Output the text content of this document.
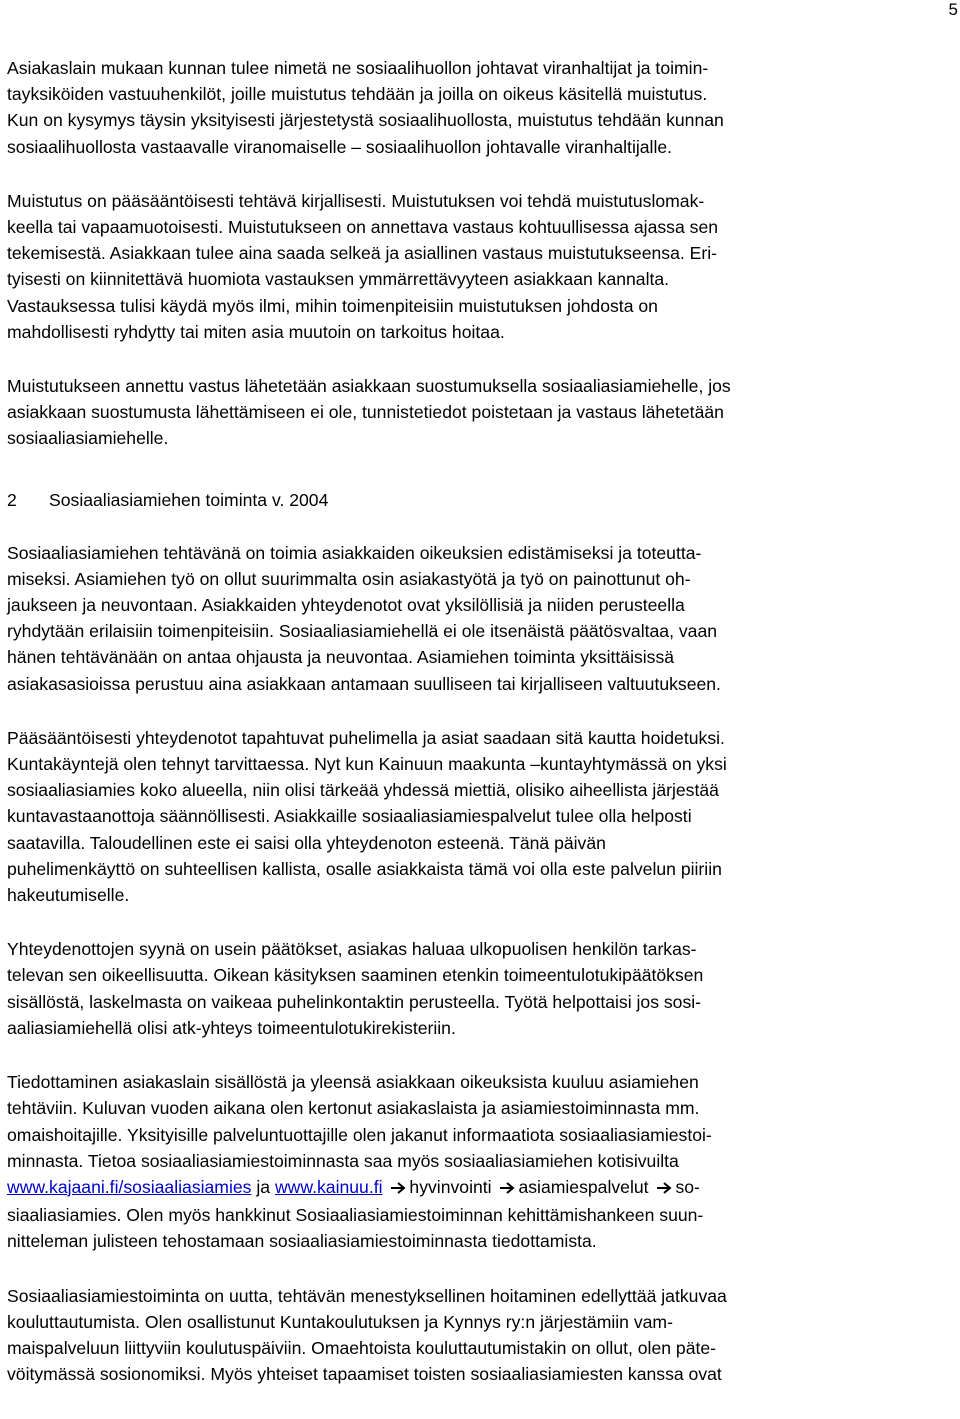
5
Asiakaslain mukaan kunnan tulee nimetä ne sosiaalihuollon johtavat viranhaltijat ja toimin-
tayksiköiden vastuuhenkilöt, joille muistutus tehdään ja joilla on oikeus käsitellä muistutus.
Kun on kysymys täysin yksityisesti järjestetystä sosiaalihuollosta, muistutus tehdään kunnan
sosiaalihuollosta vastaavalle viranomaiselle – sosiaalihuollon johtavalle viranhaltijalle.
Muistutus on pääsääntöisesti tehtävä kirjallisesti. Muistutuksen voi tehdä muistutuslomak-
keella tai vapaamuotoisesti. Muistutukseen on annettava vastaus kohtuullisessa ajassa sen
tekemisestä. Asiakkaan tulee aina saada selkeä ja asiallinen vastaus muistutukseensa. Eri-
tyisesti on kiinnitettävä huomiota vastauksen ymmärrettävyyteen asiakkaan kannalta.
Vastauksessa tulisi käydä myös ilmi, mihin toimenpiteisiin muistutuksen johdosta on
mahdollisesti ryhdytty tai miten asia muutoin on tarkoitus hoitaa.
Muistutukseen annettu vastus lähetetään asiakkaan suostumuksella sosiaaliasiamiehelle, jos
asiakkaan suostumusta lähettämiseen ei ole, tunnistetiedot poistetaan ja vastaus lähetetään
sosiaaliasiamiehelle.
2 Sosiaaliasiamiehen toiminta v. 2004
Sosiaaliasiamiehen tehtävänä on toimia asiakkaiden oikeuksien edistämiseksi ja toteutta-
miseksi. Asiamiehen työ on ollut suurimmalta osin asiakastyötä ja työ on painottunut oh-
jaukseen ja neuvontaan. Asiakkaiden yhteydenotot ovat yksilöllisiä ja niiden perusteella
ryhdytään erilaisiin toimenpiteisiin. Sosiaaliasiamiehellä ei ole itsenäistä päätösvaltaa, vaan
hänen tehtävänään on antaa ohjausta ja neuvontaa. Asiamiehen toiminta yksittäisissä
asiakasasioissa perustuu aina asiakkaan antamaan suulliseen tai kirjalliseen valtuutukseen.
Pääsääntöisesti yhteydenotot tapahtuvat puhelimella ja asiat saadaan sitä kautta hoidetuksi.
Kuntakäyntejä olen tehnyt tarvittaessa. Nyt kun Kainuun maakunta –kuntayhtymässä on yksi
sosiaaliasiamies koko alueella, niin olisi tärkeää yhdessä miettiä, olisiko aiheellista järjestää
kuntavastaanottoja säännöllisesti. Asiakkaille sosiaaliasiamiespalvelut tulee olla helposti
saatavilla. Taloudellinen este ei saisi olla yhteydenoton esteenä. Tänä päivän
puhelimenkäyttö on suhteellisen kallista, osalle asiakkaista tämä voi olla este palvelun piiriin
hakeutumiselle.
Yhteydenottojen syynä on usein päätökset, asiakas haluaa ulkopuolisen henkilön tarkas-
televan sen oikeellisuutta. Oikean käsityksen saaminen etenkin toimeentulotukipäätöksen
sisällöstä, laskelmasta on vaikeaa puhelinkontaktin perusteella. Työtä helpottaisi jos sosi-
aaliasiamiehellä olisi atk-yhteys toimeentulotukirekisteriin.
Tiedottaminen asiakaslain sisällöstä ja yleensä asiakkaan oikeuksista kuuluu asiamiehen
tehtäviin. Kuluvan vuoden aikana olen kertonut asiakaslaista ja asiamiestoiminnasta mm.
omaishoitajille. Yksityisille palveluntuottajille olen jakanut informaatiota sosiaaliasiamiestoi-
minnasta. Tietoa sosiaaliasiamiestoiminnasta saa myös sosiaaliasiamiehen kotisivuilta
www.kajaani.fi/sosiaaliasiamies ja www.kainuu.fi hyvinvointi asiamiespalvelut so-
siaaliasiamies. Olen myös hankkinut Sosiaaliasiamiestoiminnan kehittämishankeen suun-
nitteleman julisteen tehostamaan sosiaaliasiamiestoiminnasta tiedottamista.
Sosiaaliasiamiestoiminta on uutta, tehtävän menestyksellinen hoitaminen edellyttää jatkuvaa
kouluttautumista. Olen osallistunut Kuntakoulutuksen ja Kynnys ry:n järjestämiin vam-
maispalveluun liittyviin koulutuspäiviin. Omaehtoista kouluttautumistakin on ollut, olen päte-
vöitymässä sosionomiksi. Myös yhteiset tapaamiset toisten sosiaaliasiamiesten kanssa ovat
